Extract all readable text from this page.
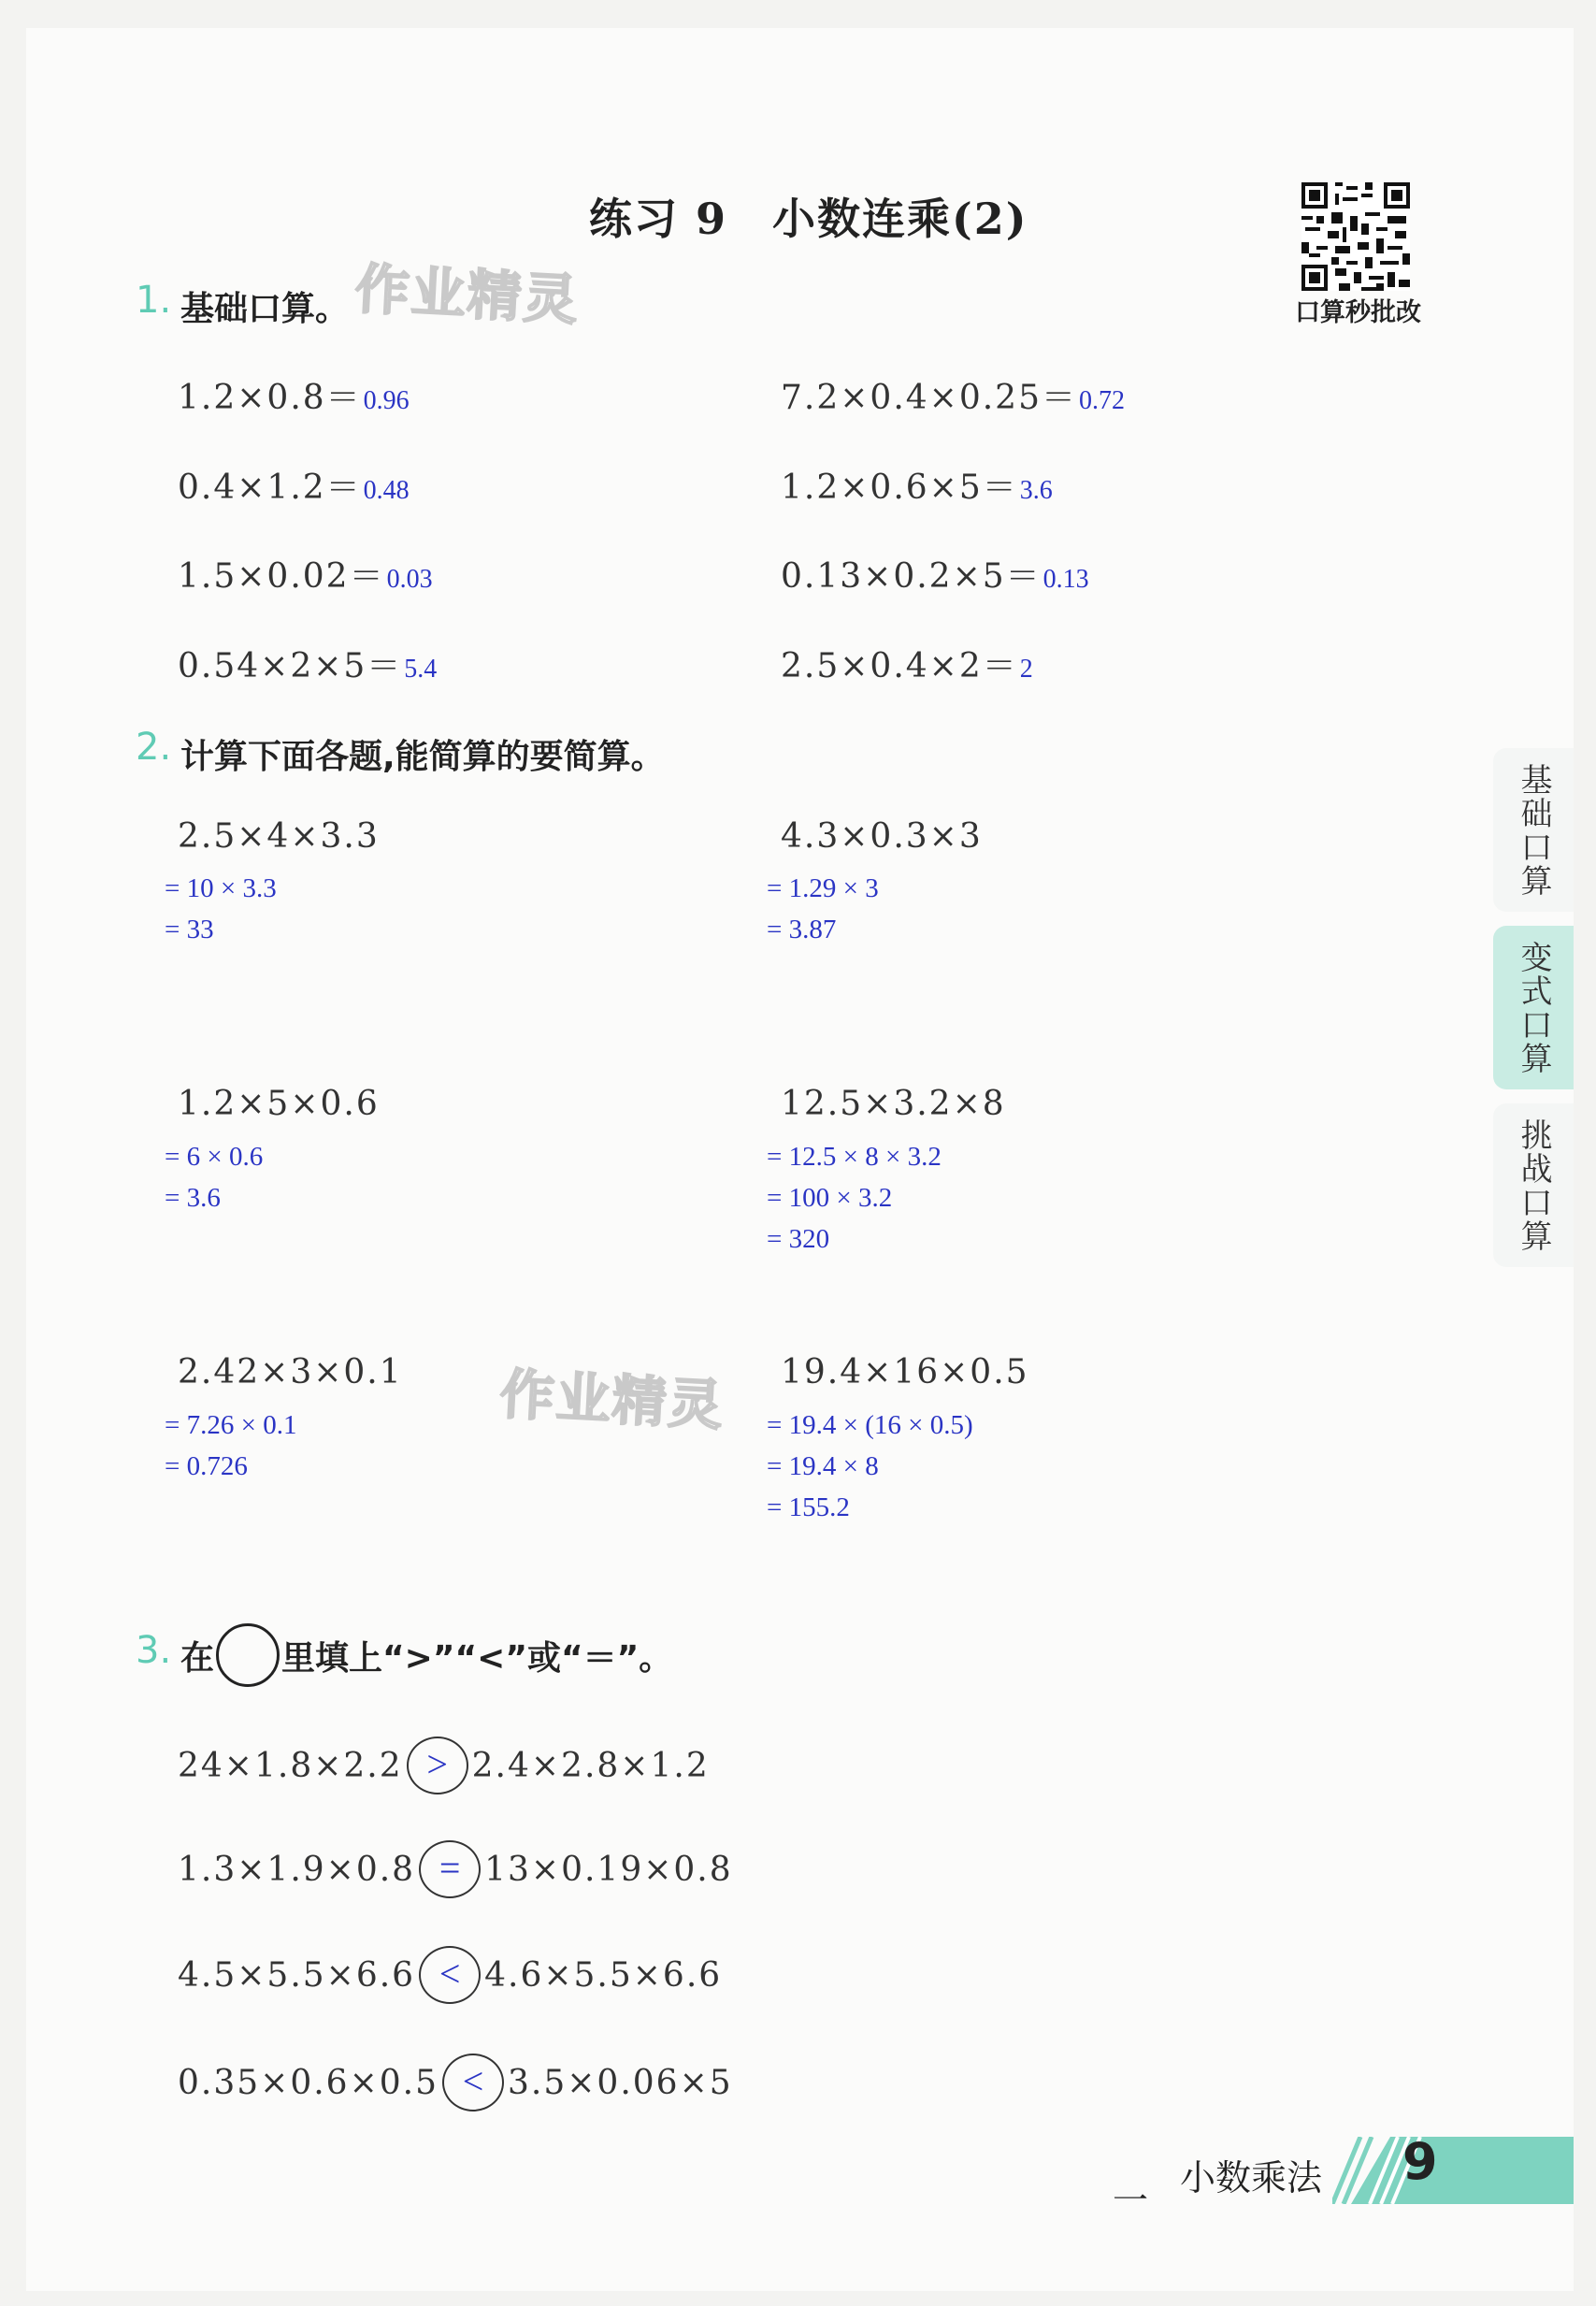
练习 9　小数连乘(2)
口算秒批改
1. 基础口算。 作业精灵
1.2×0.8＝0.96
0.4×1.2＝0.48
1.5×0.02＝0.03
0.54×2×5＝5.4
7.2×0.4×0.25＝0.72
1.2×0.6×5＝3.6
0.13×0.2×5＝0.13
2.5×0.4×2＝2
2. 计算下面各题,能简算的要简算。
2.5×4×3.3
= 10 × 3.3
= 33
4.3×0.3×3
= 1.29 × 3
= 3.87
1.2×5×0.6
= 6 × 0.6
= 3.6
12.5×3.2×8
= 12.5 × 8 × 3.2
= 100 × 3.2
= 320
作业精灵
2.42×3×0.1
= 7.26 × 0.1
= 0.726
19.4×16×0.5
= 19.4 × (16 × 0.5)
= 19.4 × 8
= 155.2
3. 在 里填上“>”“<”或“＝”。
24×1.8×2.2 > 2.4×2.8×1.2
1.3×1.9×0.8 = 13×0.19×0.8
4.5×5.5×6.6 < 4.6×5.5×6.6
0.35×0.6×0.5 < 3.5×0.06×5
基础口算
变式口算
挑战口算
一
小数乘法 9
